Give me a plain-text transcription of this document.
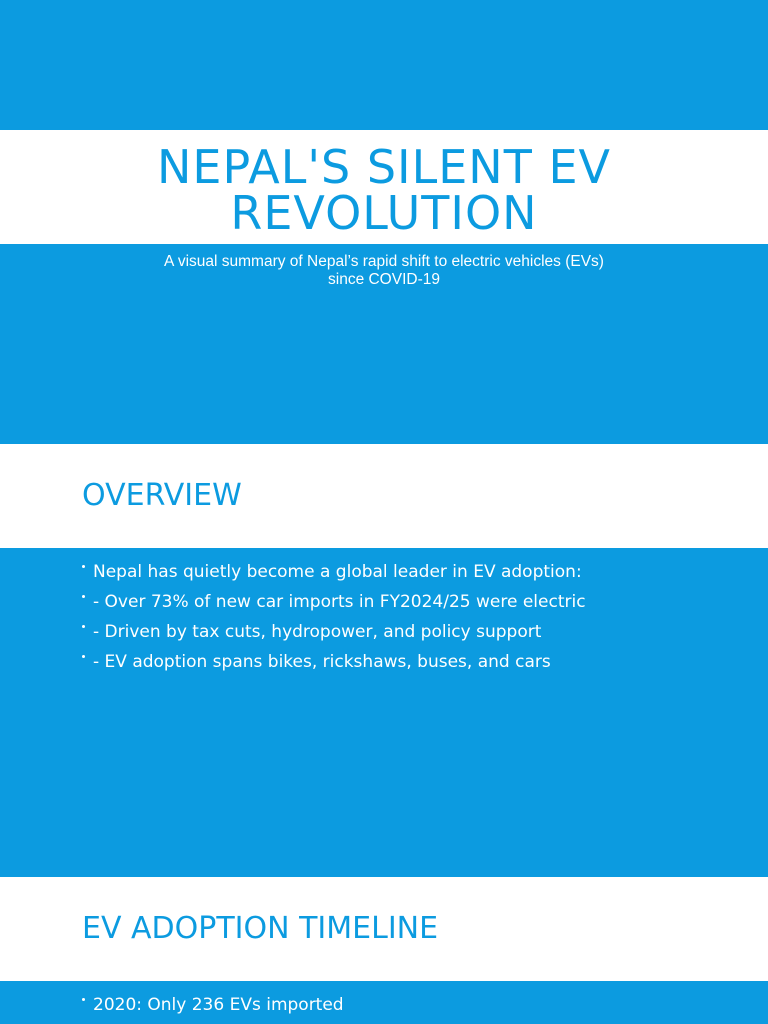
NEPAL'S SILENT EV
REVOLUTION
A visual summary of Nepal’s rapid shift to electric vehicles (EVs)
since COVID-19
OVERVIEW
Nepal has quietly become a global leader in EV adoption:
- Over 73% of new car imports in FY2024/25 were electric
- Driven by tax cuts, hydropower, and policy support
- EV adoption spans bikes, rickshaws, buses, and cars
EV ADOPTION TIMELINE
2020: Only 236 EVs imported
